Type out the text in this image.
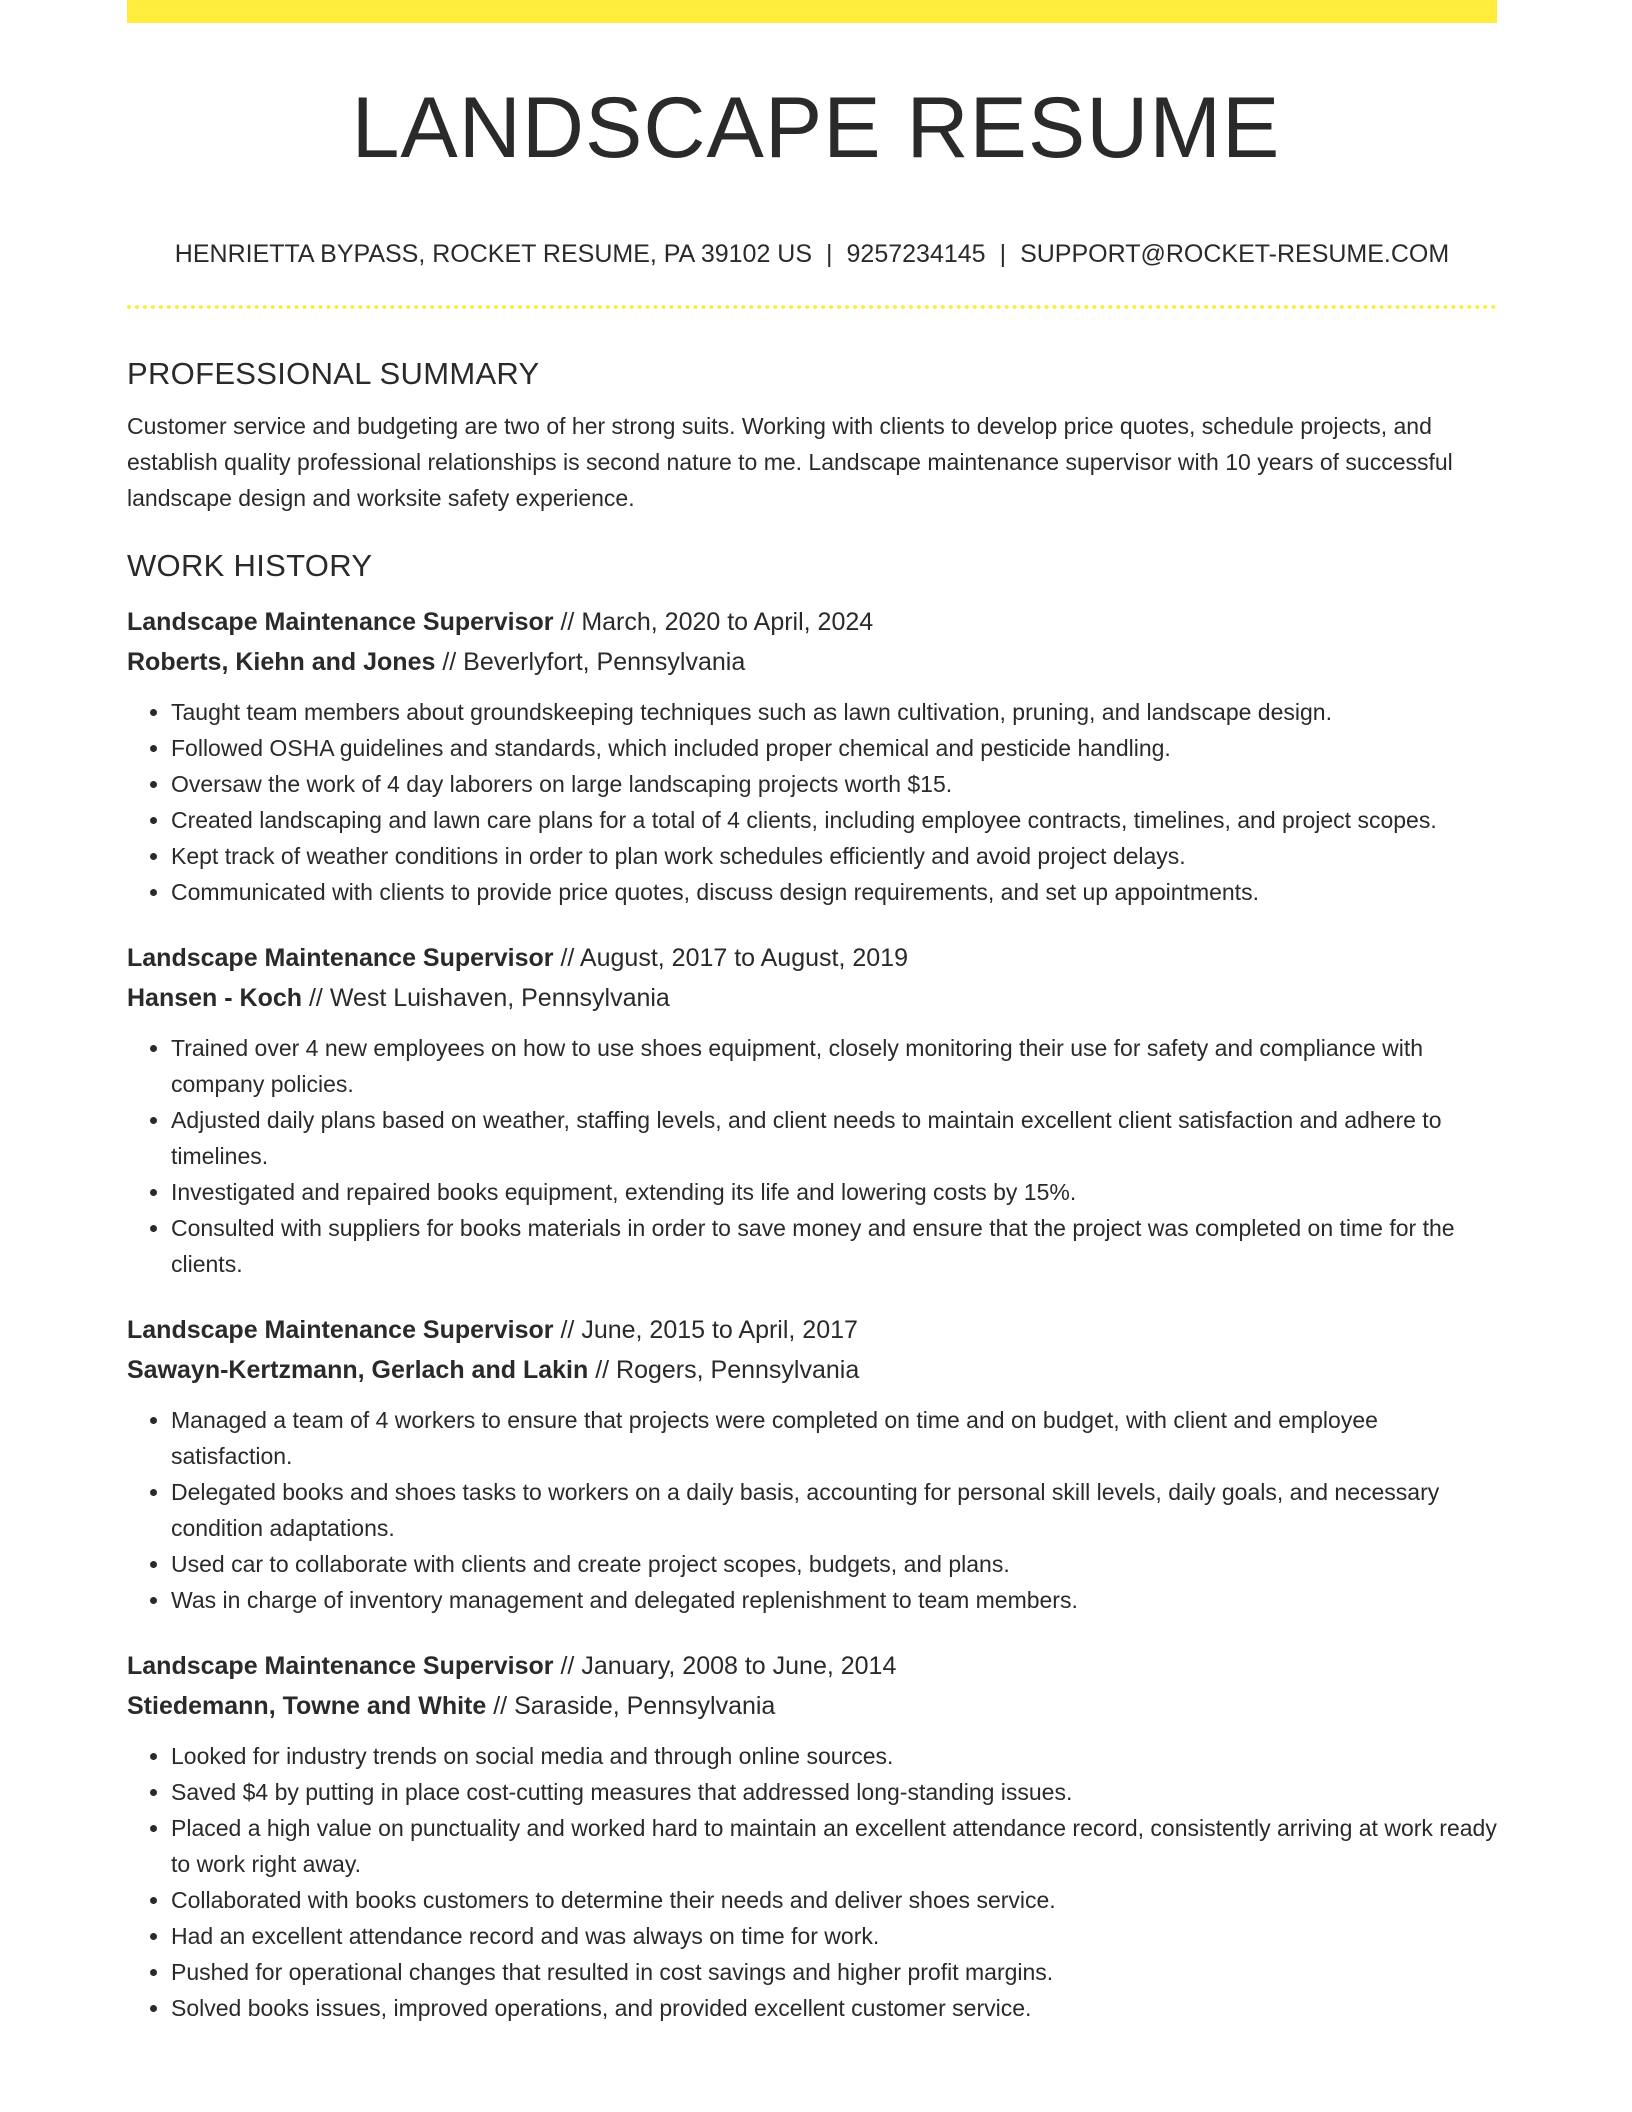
LANDSCAPE RESUME
HENRIETTA BYPASS, ROCKET RESUME, PA 39102 US | 9257234145 | SUPPORT@ROCKET-RESUME.COM
PROFESSIONAL SUMMARY

Customer service and budgeting are two of her strong suits. Working with clients to develop price quotes, schedule projects, and establish quality professional relationships is second nature to me. Landscape maintenance supervisor with 10 years of successful landscape design and worksite safety experience.

WORK HISTORY
Landscape Maintenance Supervisor // March, 2020 to April, 2024
Roberts, Kiehn and Jones // Beverlyfort, Pennsylvania
• Taught team members about groundskeeping techniques such as lawn cultivation, pruning, and landscape design.
• Followed OSHA guidelines and standards, which included proper chemical and pesticide handling.
• Oversaw the work of 4 day laborers on large landscaping projects worth $15.
• Created landscaping and lawn care plans for a total of 4 clients, including employee contracts, timelines, and project scopes.
• Kept track of weather conditions in order to plan work schedules efficiently and avoid project delays.
• Communicated with clients to provide price quotes, discuss design requirements, and set up appointments.
Landscape Maintenance Supervisor // August, 2017 to August, 2019
Hansen - Koch // West Luishaven, Pennsylvania
• Trained over 4 new employees on how to use shoes equipment, closely monitoring their use for safety and compliance with company policies.
• Adjusted daily plans based on weather, staffing levels, and client needs to maintain excellent client satisfaction and adhere to timelines.
• Investigated and repaired books equipment, extending its life and lowering costs by 15%.
• Consulted with suppliers for books materials in order to save money and ensure that the project was completed on time for the clients.
Landscape Maintenance Supervisor // June, 2015 to April, 2017
Sawayn-Kertzmann, Gerlach and Lakin // Rogers, Pennsylvania
• Managed a team of 4 workers to ensure that projects were completed on time and on budget, with client and employee satisfaction.
• Delegated books and shoes tasks to workers on a daily basis, accounting for personal skill levels, daily goals, and necessary condition adaptations.
• Used car to collaborate with clients and create project scopes, budgets, and plans.
• Was in charge of inventory management and delegated replenishment to team members.
Landscape Maintenance Supervisor // January, 2008 to June, 2014
Stiedemann, Towne and White // Saraside, Pennsylvania
• Looked for industry trends on social media and through online sources.
• Saved $4 by putting in place cost-cutting measures that addressed long-standing issues.
• Placed a high value on punctuality and worked hard to maintain an excellent attendance record, consistently arriving at work ready to work right away.
• Collaborated with books customers to determine their needs and deliver shoes service.
• Had an excellent attendance record and was always on time for work.
• Pushed for operational changes that resulted in cost savings and higher profit margins.
• Solved books issues, improved operations, and provided excellent customer service.
